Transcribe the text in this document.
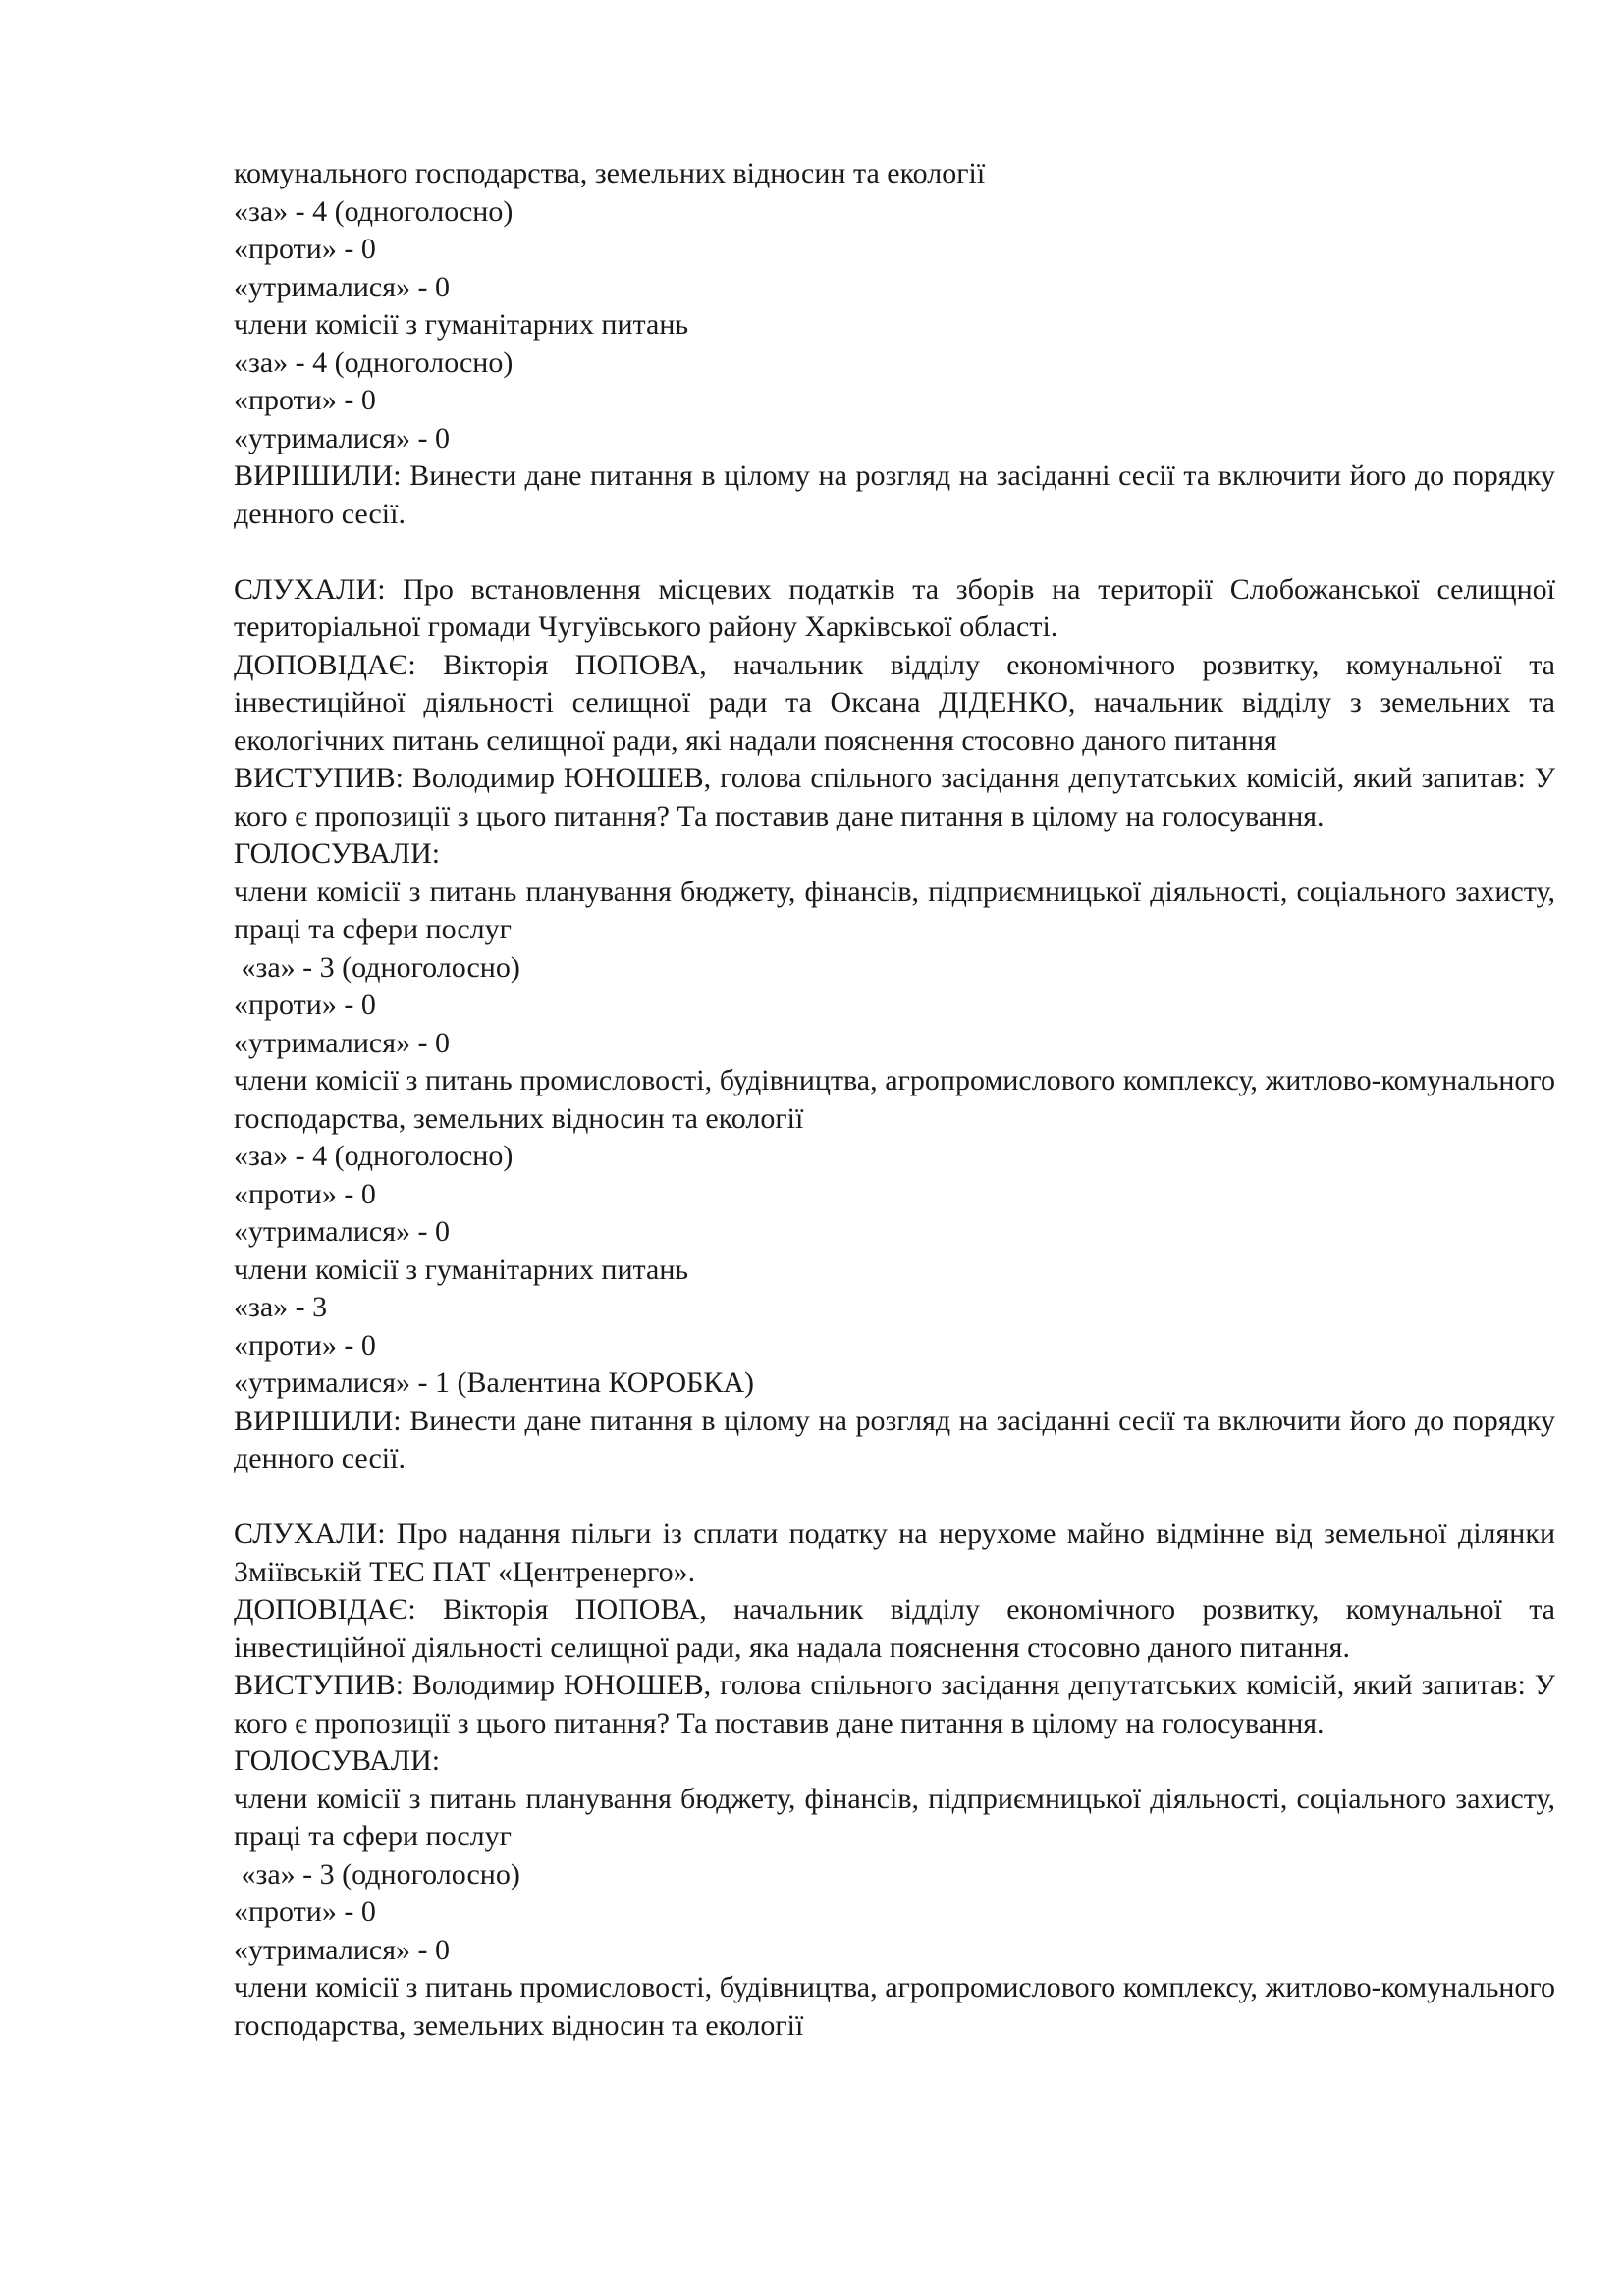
комунального господарства, земельних відносин та екології
«за» - 4 (одноголосно)
«проти» - 0
«утрималися» - 0
члени комісії з гуманітарних питань
«за» - 4 (одноголосно)
«проти» - 0
«утрималися» - 0
ВИРІШИЛИ: Винести дане питання в цілому на розгляд на засіданні сесії та включити його до порядку денного сесії.
СЛУХАЛИ: Про встановлення місцевих податків та зборів на території Слобожанської селищної територіальної громади Чугуївського району Харківської області.
ДОПОВІДАЄ: Вікторія ПОПОВА, начальник відділу економічного розвитку, комунальної та інвестиційної діяльності селищної ради та Оксана ДІДЕНКО, начальник відділу з земельних та екологічних питань селищної ради, які надали пояснення стосовно даного питання
ВИСТУПИВ: Володимир ЮНОШЕВ, голова спільного засідання депутатських комісій, який запитав: У кого є пропозиції з цього питання? Та поставив дане питання в цілому на голосування.
ГОЛОСУВАЛИ:
члени комісії з питань планування бюджету, фінансів, підприємницької діяльності, соціального захисту, праці та сфери послуг
«за» - 3 (одноголосно)
«проти» - 0
«утрималися» - 0
члени комісії з питань промисловості, будівництва, агропромислового комплексу, житлово-комунального господарства, земельних відносин та екології
«за» - 4 (одноголосно)
«проти» - 0
«утрималися» - 0
члени комісії з гуманітарних питань
«за» - 3
«проти» - 0
«утрималися» - 1 (Валентина КОРОБКА)
ВИРІШИЛИ: Винести дане питання в цілому на розгляд на засіданні сесії та включити його до порядку денного сесії.
СЛУХАЛИ: Про надання пільги із сплати податку на нерухоме майно відмінне від земельної ділянки Зміївській ТЕС ПАТ «Центренерго».
ДОПОВІДАЄ: Вікторія ПОПОВА, начальник відділу економічного розвитку, комунальної та інвестиційної діяльності селищної ради, яка надала пояснення стосовно даного питання.
ВИСТУПИВ: Володимир ЮНОШЕВ, голова спільного засідання депутатських комісій, який запитав: У кого є пропозиції з цього питання? Та поставив дане питання в цілому на голосування.
ГОЛОСУВАЛИ:
члени комісії з питань планування бюджету, фінансів, підприємницької діяльності, соціального захисту, праці та сфери послуг
«за» - 3 (одноголосно)
«проти» - 0
«утрималися» - 0
члени комісії з питань промисловості, будівництва, агропромислового комплексу, житлово-комунального господарства, земельних відносин та екології
